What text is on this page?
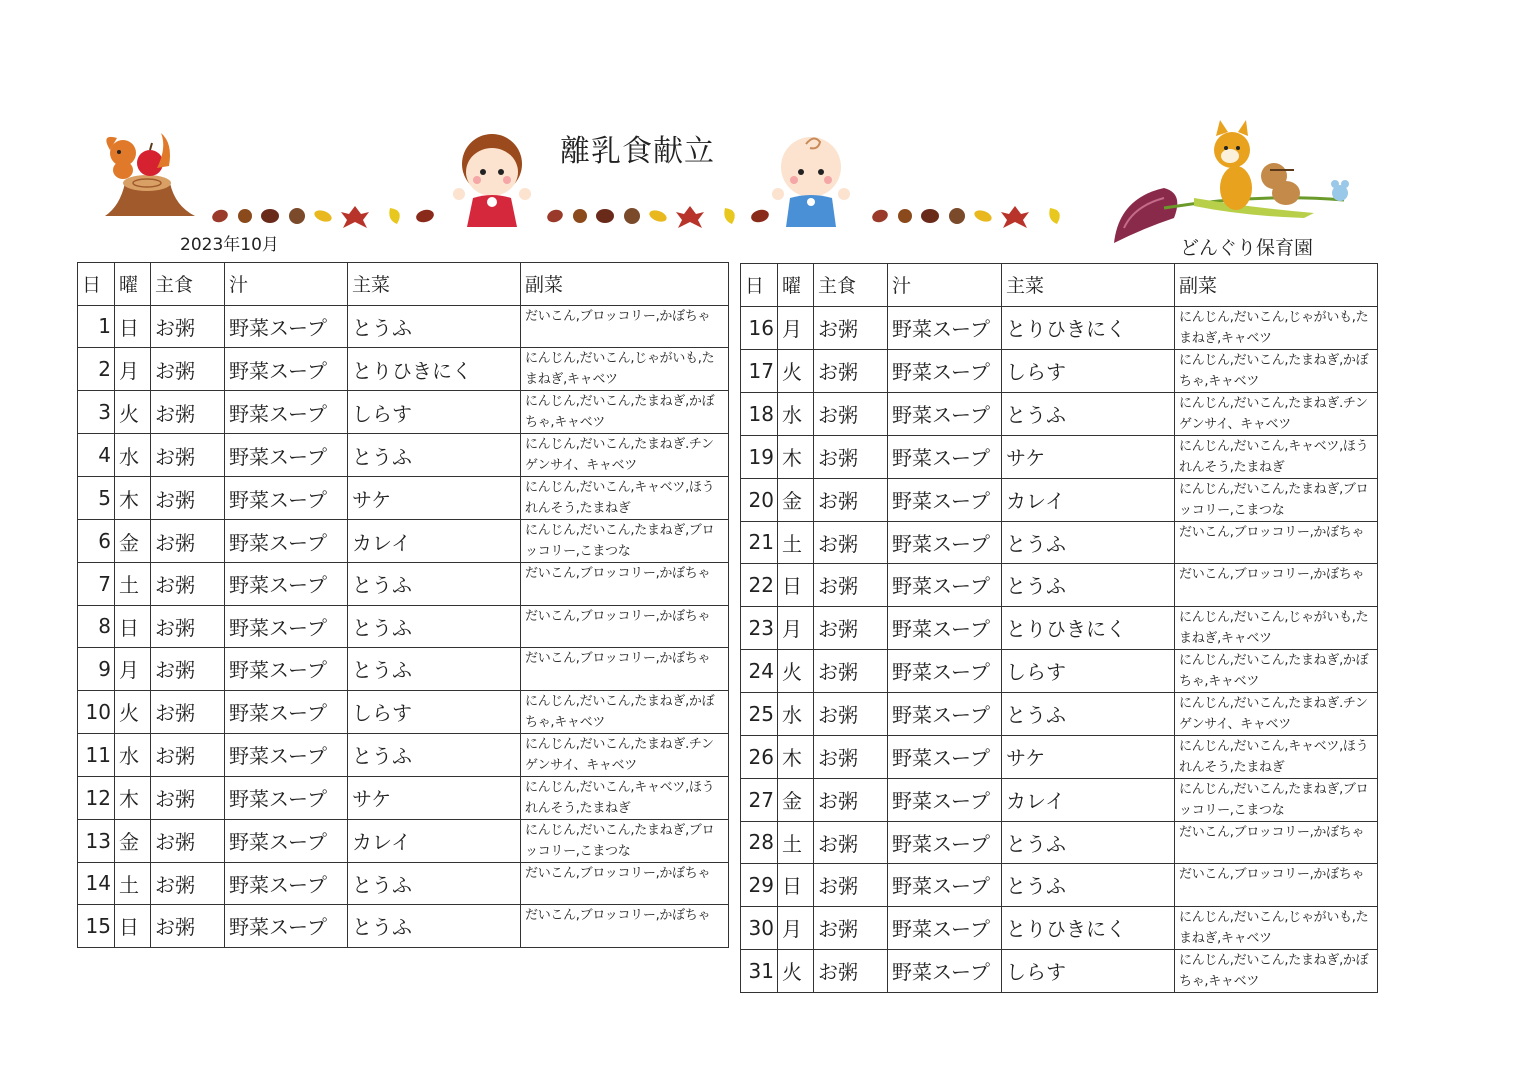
離乳食献立
2023年10月	どんぐり保育園
日	曜	主食	汁	主菜	副菜
1	日	お粥	野菜スープ	とうふ	だいこん,ブロッコリー,かぼちゃ
2	月	お粥	野菜スープ	とりひきにく	にんじん,だいこん,じゃがいも,たまねぎ,キャベツ
3	火	お粥	野菜スープ	しらす	にんじん,だいこん,たまねぎ,かぼちゃ,キャベツ
4	水	お粥	野菜スープ	とうふ	にんじん,だいこん,たまねぎ.チンゲンサイ、キャベツ
5	木	お粥	野菜スープ	サケ	にんじん,だいこん,キャベツ,ほうれんそう,たまねぎ
6	金	お粥	野菜スープ	カレイ	にんじん,だいこん,たまねぎ,ブロッコリー,こまつな
7	土	お粥	野菜スープ	とうふ	だいこん,ブロッコリー,かぼちゃ
8	日	お粥	野菜スープ	とうふ	だいこん,ブロッコリー,かぼちゃ
9	月	お粥	野菜スープ	とうふ	だいこん,ブロッコリー,かぼちゃ
10	火	お粥	野菜スープ	しらす	にんじん,だいこん,たまねぎ,かぼちゃ,キャベツ
11	水	お粥	野菜スープ	とうふ	にんじん,だいこん,たまねぎ.チンゲンサイ、キャベツ
12	木	お粥	野菜スープ	サケ	にんじん,だいこん,キャベツ,ほうれんそう,たまねぎ
13	金	お粥	野菜スープ	カレイ	にんじん,だいこん,たまねぎ,ブロッコリー,こまつな
14	土	お粥	野菜スープ	とうふ	だいこん,ブロッコリー,かぼちゃ
15	日	お粥	野菜スープ	とうふ	だいこん,ブロッコリー,かぼちゃ
日	曜	主食	汁	主菜	副菜
16	月	お粥	野菜スープ	とりひきにく	にんじん,だいこん,じゃがいも,たまねぎ,キャベツ
17	火	お粥	野菜スープ	しらす	にんじん,だいこん,たまねぎ,かぼちゃ,キャベツ
18	水	お粥	野菜スープ	とうふ	にんじん,だいこん,たまねぎ.チンゲンサイ、キャベツ
19	木	お粥	野菜スープ	サケ	にんじん,だいこん,キャベツ,ほうれんそう,たまねぎ
20	金	お粥	野菜スープ	カレイ	にんじん,だいこん,たまねぎ,ブロッコリー,こまつな
21	土	お粥	野菜スープ	とうふ	だいこん,ブロッコリー,かぼちゃ
22	日	お粥	野菜スープ	とうふ	だいこん,ブロッコリー,かぼちゃ
23	月	お粥	野菜スープ	とりひきにく	にんじん,だいこん,じゃがいも,たまねぎ,キャベツ
24	火	お粥	野菜スープ	しらす	にんじん,だいこん,たまねぎ,かぼちゃ,キャベツ
25	水	お粥	野菜スープ	とうふ	にんじん,だいこん,たまねぎ.チンゲンサイ、キャベツ
26	木	お粥	野菜スープ	サケ	にんじん,だいこん,キャベツ,ほうれんそう,たまねぎ
27	金	お粥	野菜スープ	カレイ	にんじん,だいこん,たまねぎ,ブロッコリー,こまつな
28	土	お粥	野菜スープ	とうふ	だいこん,ブロッコリー,かぼちゃ
29	日	お粥	野菜スープ	とうふ	だいこん,ブロッコリー,かぼちゃ
30	月	お粥	野菜スープ	とりひきにく	にんじん,だいこん,じゃがいも,たまねぎ,キャベツ
31	火	お粥	野菜スープ	しらす	にんじん,だいこん,たまねぎ,かぼちゃ,キャベツ
